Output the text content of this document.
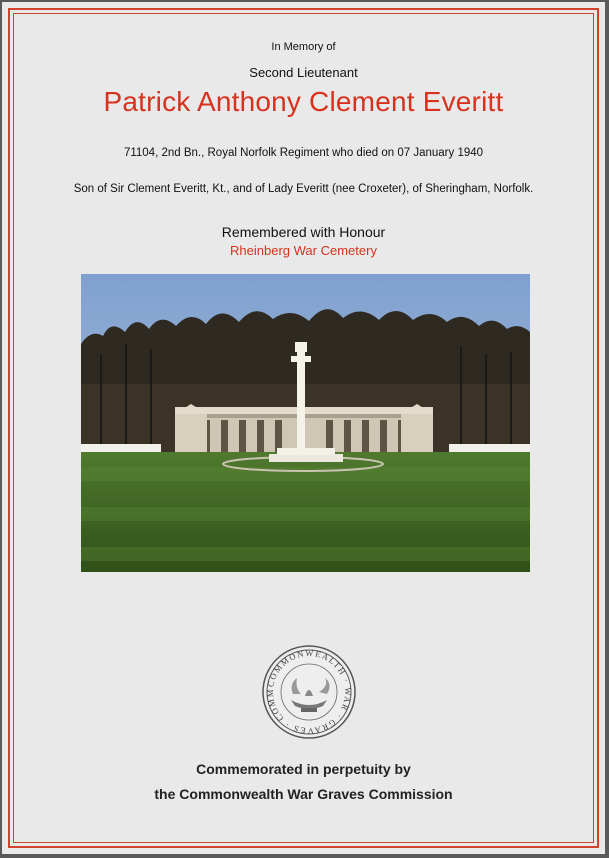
In Memory of
Second Lieutenant
Patrick Anthony Clement Everitt
71104, 2nd Bn., Royal Norfolk Regiment who died on 07 January 1940
Son of Sir Clement Everitt, Kt., and of Lady Everitt (nee Croxeter), of Sheringham, Norfolk.
Remembered with Honour
Rheinberg War Cemetery
COMMONWEALTH · WAR · GRAVES · COMM
Commemorated in perpetuity by
the Commonwealth War Graves Commission
